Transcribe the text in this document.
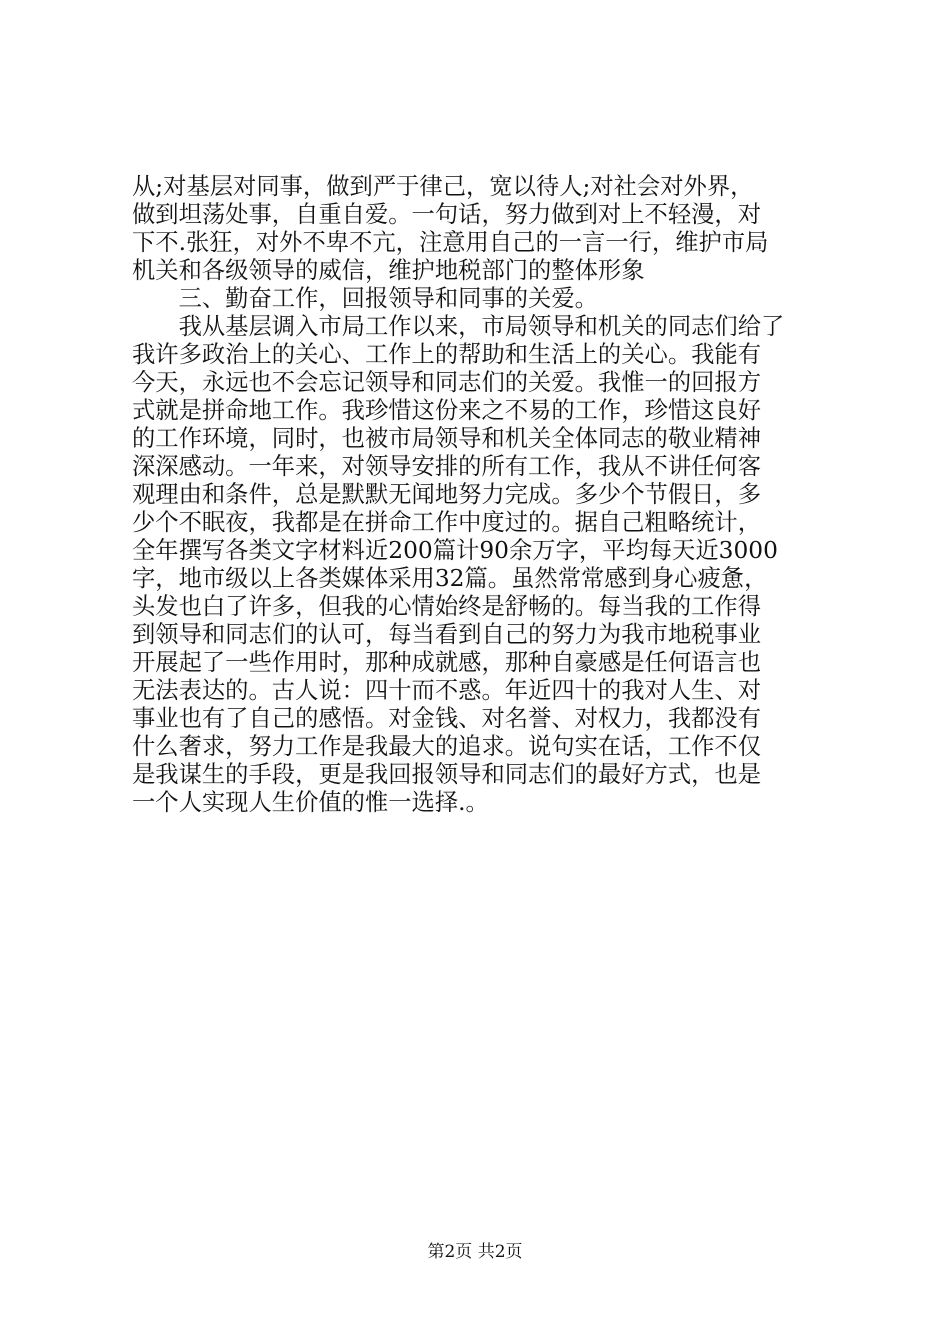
从;对基层对同事，做到严于律己，宽以待人;对社会对外界，
做到坦荡处事，自重自爱。一句话，努力做到对上不轻漫，对
下不.张狂，对外不卑不亢，注意用自己的一言一行，维护市局
机关和各级领导的威信，维护地税部门的整体形象
　　三、勤奋工作，回报领导和同事的关爱。
　　我从基层调入市局工作以来，市局领导和机关的同志们给了
我许多政治上的关心、工作上的帮助和生活上的关心。我能有
今天，永远也不会忘记领导和同志们的关爱。我惟一的回报方
式就是拼命地工作。我珍惜这份来之不易的工作，珍惜这良好
的工作环境，同时，也被市局领导和机关全体同志的敬业精神
深深感动。一年来，对领导安排的所有工作，我从不讲任何客
观理由和条件，总是默默无闻地努力完成。多少个节假日，多
少个不眠夜，我都是在拼命工作中度过的。据自己粗略统计，
全年撰写各类文字材料近200篇计90余万字，平均每天近3000
字，地市级以上各类媒体采用32篇。虽然常常感到身心疲惫，
头发也白了许多，但我的心情始终是舒畅的。每当我的工作得
到领导和同志们的认可，每当看到自己的努力为我市地税事业
开展起了一些作用时，那种成就感，那种自豪感是任何语言也
无法表达的。古人说：四十而不惑。年近四十的我对人生、对
事业也有了自己的感悟。对金钱、对名誉、对权力，我都没有
什么奢求，努力工作是我最大的追求。说句实在话，工作不仅
是我谋生的手段，更是我回报领导和同志们的最好方式，也是
一个人实现人生价值的惟一选择.。
第2页 共2页
